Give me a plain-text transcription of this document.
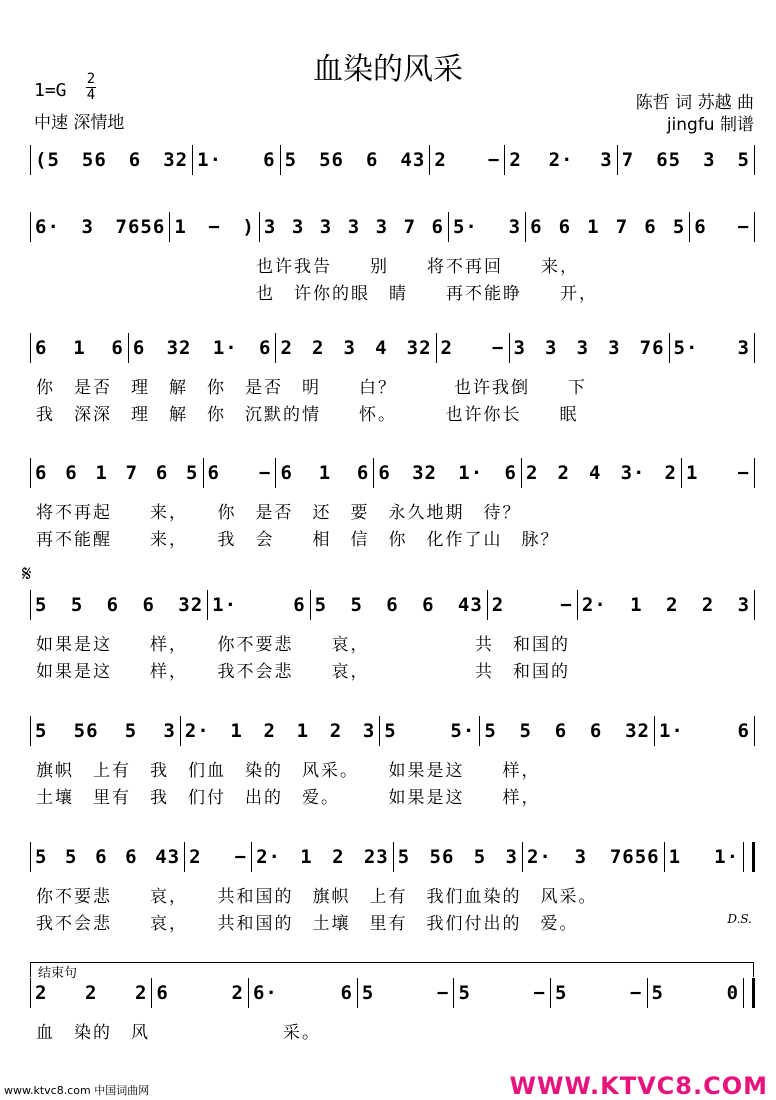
血染的风采
1=G
2
4
中速 深情地
陈哲 词 苏越 曲
jingfu 制谱
(5 56 6 32 1· 6 5 56 6 43 2 − 2 2· 3 7 65 3 5
6· 3 7656 1 − ) 3 3 3 3 3 7 6 5· 3 6 6 1 7 6 5 6 −
也许我告　　别　　将不再回　　来，
也　许你的眼　睛　　再不能睁　　开，
6 1 6 6 32 1· 6 2 2 3 4 32 2 − 3 3 3 3 76 5· 3
你　是否　理　解　你　是否　明　　白？　　　也许我倒　　下
我　深深　理　解　你　沉默的情　　怀。　　　也许你长　　眠
6 6 1 7 6 5 6 − 6 1 6 6 32 1· 6 2 2 4 3· 2 1 −
将不再起　　来，　　你　是否　还　要　永久地期　待？
再不能醒　　来，　　我　会　　相　信　你　化作了山　脉？
5 5 6 6 32 1· 6 5 5 6 6 43 2 − 2· 1 2 2 3
如果是这　　样，　　你不要悲　　哀，　　　　　　共　和国的
如果是这　　样，　　我不会悲　　哀，　　　　　　共　和国的
5 56 5 3 2· 1 2 1 2 3 5 5· 5 5 6 6 32 1· 6
旗帜　上有　我　们血　染的　风采。　　如果是这　　样，
土壤　里有　我　们付　出的　爱。　　　如果是这　　样，
5 5 6 6 43 2 − 2· 1 2 23 5 56 5 3 2· 3 7656 1 1·
你不要悲　　哀，　　共和国的　旗帜　上有　我们血染的　风采。
我不会悲　　哀，　　共和国的　土壤　里有　我们付出的　爱。
2 2 2 6 2 6· 6 5 − 5 − 5 − 5 0
血　染的　风　　　　　　　采。
𝄋
D.S.
结束句
www.ktvc8.com 中国词曲网	WWW.KTVC8.COM
